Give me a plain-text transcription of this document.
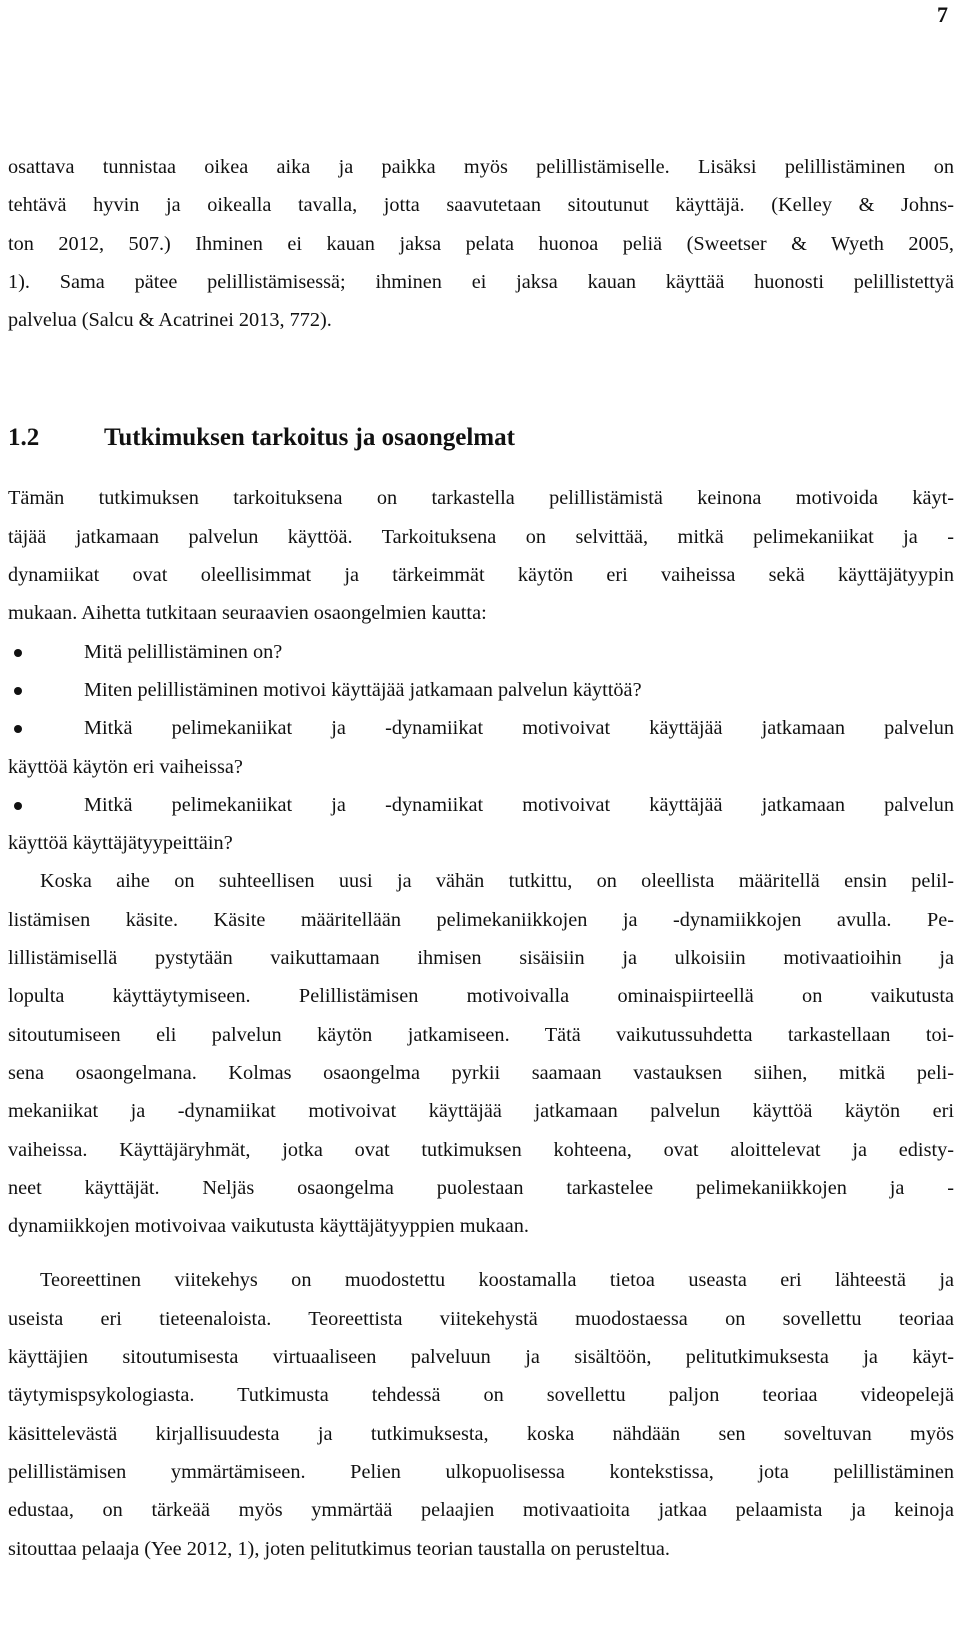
7
osattava tunnistaa oikea aika ja paikka myös pelillistämiselle. Lisäksi pelillistäminen on
tehtävä hyvin ja oikealla tavalla, jotta saavutetaan sitoutunut käyttäjä. (Kelley & Johns-
ton 2012, 507.) Ihminen ei kauan jaksa pelata huonoa peliä (Sweetser & Wyeth 2005,
1). Sama pätee pelillistämisessä; ihminen ei jaksa kauan käyttää huonosti pelillistettyä
palvelua (Salcu & Acatrinei 2013, 772).
1.2	Tutkimuksen tarkoitus ja osaongelmat
Tämän tutkimuksen tarkoituksena on tarkastella pelillistämistä keinona motivoida käyt-
täjää jatkamaan palvelun käyttöä. Tarkoituksena on selvittää, mitkä pelimekaniikat ja -
dynamiikat ovat oleellisimmat ja tärkeimmät käytön eri vaiheissa sekä käyttäjätyypin
mukaan. Aihetta tutkitaan seuraavien osaongelmien kautta:
Mitä pelillistäminen on?
Miten pelillistäminen motivoi käyttäjää jatkamaan palvelun käyttöä?
Mitkä pelimekaniikat ja -dynamiikat motivoivat käyttäjää jatkamaan palvelun
käyttöä käytön eri vaiheissa?
Mitkä pelimekaniikat ja -dynamiikat motivoivat käyttäjää jatkamaan palvelun
käyttöä käyttäjätyypeittäin?
Koska aihe on suhteellisen uusi ja vähän tutkittu, on oleellista määritellä ensin pelil-
listämisen käsite. Käsite määritellään pelimekaniikkojen ja -dynamiikkojen avulla. Pe-
lillistämisellä pystytään vaikuttamaan ihmisen sisäisiin ja ulkoisiin motivaatioihin ja
lopulta käyttäytymiseen. Pelillistämisen motivoivalla ominaispiirteellä on vaikutusta
sitoutumiseen eli palvelun käytön jatkamiseen. Tätä vaikutussuhdetta tarkastellaan toi-
sena osaongelmana. Kolmas osaongelma pyrkii saamaan vastauksen siihen, mitkä peli-
mekaniikat ja -dynamiikat motivoivat käyttäjää jatkamaan palvelun käyttöä käytön eri
vaiheissa. Käyttäjäryhmät, jotka ovat tutkimuksen kohteena, ovat aloittelevat ja edisty-
neet käyttäjät. Neljäs osaongelma puolestaan tarkastelee pelimekaniikkojen ja -
dynamiikkojen motivoivaa vaikutusta käyttäjätyyppien mukaan.
Teoreettinen viitekehys on muodostettu koostamalla tietoa useasta eri lähteestä ja
useista eri tieteenaloista. Teoreettista viitekehystä muodostaessa on sovellettu teoriaa
käyttäjien sitoutumisesta virtuaaliseen palveluun ja sisältöön, pelitutkimuksesta ja käyt-
täytymispsykologiasta. Tutkimusta tehdessä on sovellettu paljon teoriaa videopelejä
käsittelevästä kirjallisuudesta ja tutkimuksesta, koska nähdään sen soveltuvan myös
pelillistämisen ymmärtämiseen. Pelien ulkopuolisessa kontekstissa, jota pelillistäminen
edustaa, on tärkeää myös ymmärtää pelaajien motivaatioita jatkaa pelaamista ja keinoja
sitouttaa pelaaja (Yee 2012, 1), joten pelitutkimus teorian taustalla on perusteltua.
